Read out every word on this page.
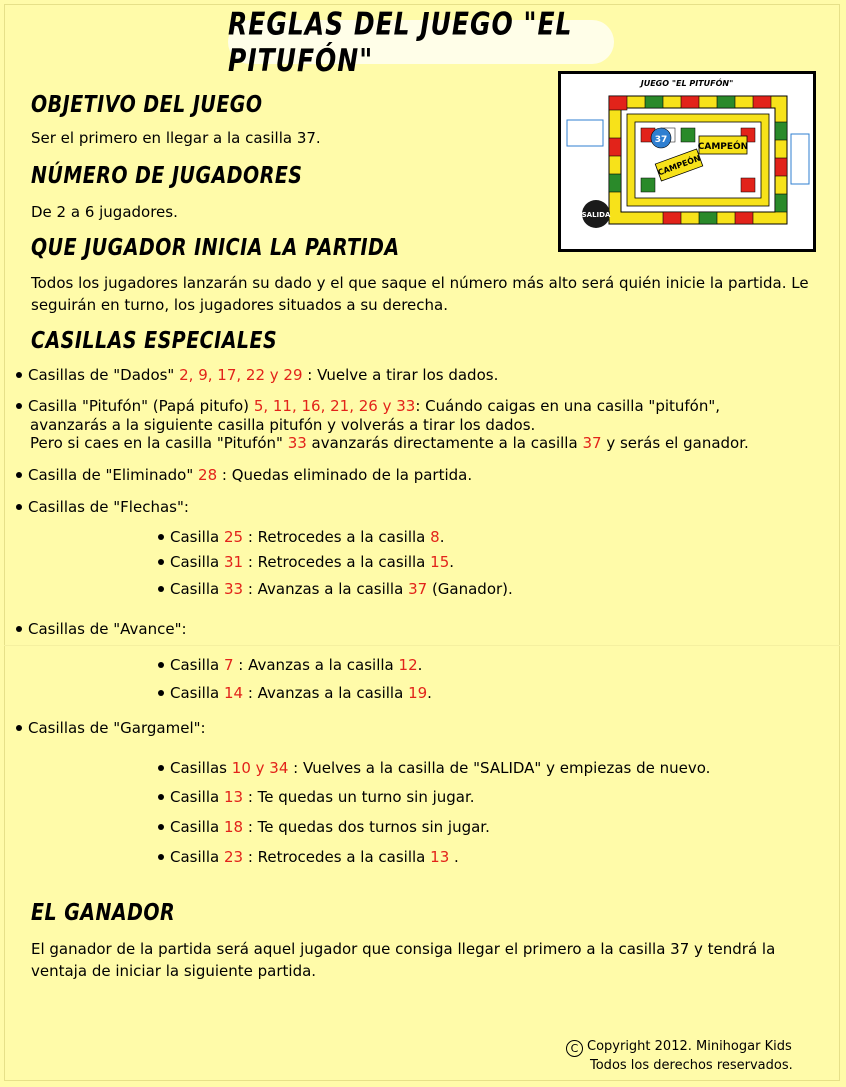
REGLAS DEL JUEGO "EL PITUFÓN"
CAMPEÓN
CAMPEÓN
37
JUEGO "EL PITUFÓN"
SALIDA
OBJETIVO DEL JUEGO
Ser el primero en llegar a la casilla 37.
NÚMERO DE JUGADORES
De 2 a 6 jugadores.
QUE JUGADOR INICIA LA PARTIDA
Todos los jugadores lanzarán su dado y el que saque el número más alto será quién inicie la partida. Le seguirán en turno, los jugadores situados a su derecha.
CASILLAS ESPECIALES
Casillas de "Dados" 2, 9, 17, 22 y 29 : Vuelve a tirar los dados.
Casilla "Pitufón" (Papá pitufo) 5, 11, 16, 21, 26 y 33: Cuándo caigas en una casilla "pitufón",
avanzarás a la siguiente casilla pitufón y volverás a tirar los dados.
Pero si caes en la casilla "Pitufón" 33 avanzarás directamente a la casilla 37 y serás el ganador.
Casilla de "Eliminado" 28 : Quedas eliminado de la partida.
Casillas de "Flechas":
Casilla 25 : Retrocedes a la casilla 8.
Casilla 31 : Retrocedes a la casilla 15.
Casilla 33 : Avanzas a la casilla 37 (Ganador).
Casillas de "Avance":
Casilla 7 : Avanzas a la casilla 12.
Casilla 14 : Avanzas a la casilla 19.
Casillas de "Gargamel":
Casillas 10 y 34 : Vuelves a la casilla de "SALIDA" y empiezas de nuevo.
Casilla 13 : Te quedas un turno sin jugar.
Casilla 18 : Te quedas dos turnos sin jugar.
Casilla 23 : Retrocedes a la casilla 13 .
EL GANADOR
El ganador de la partida será aquel jugador que consiga llegar el primero a la casilla 37 y tendrá la ventaja de iniciar la siguiente partida.
C Copyright 2012. Minihogar Kids
Todos los derechos reservados.
